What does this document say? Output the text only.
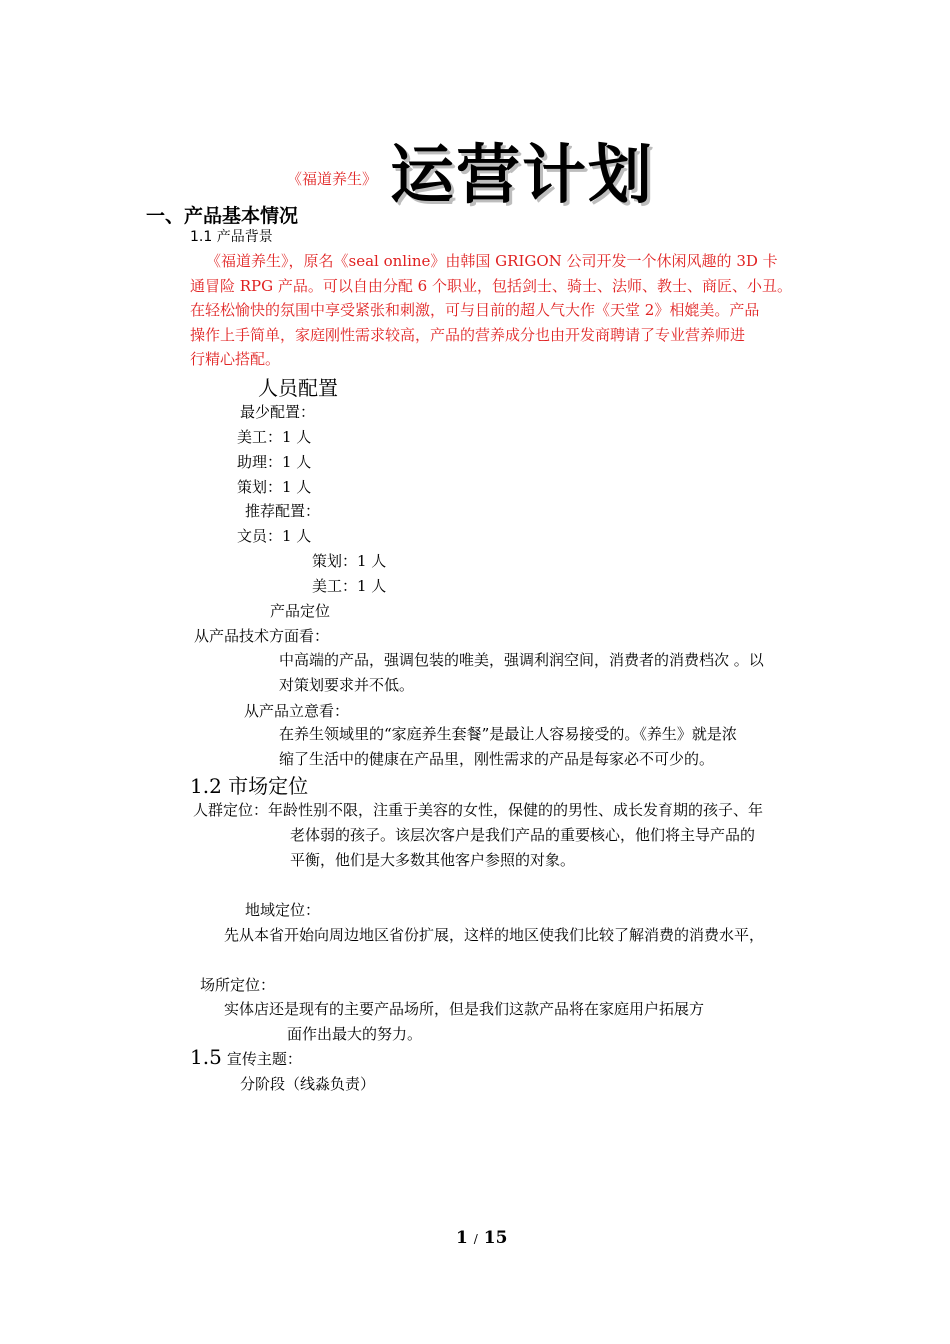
《福道养生》 运营计划
一、产品基本情况
1.1 产品背景
《福道养生》，原名《seal online》由韩国 GRIGON 公司开发一个休闲风趣的 3D 卡
通冒险 RPG 产品。可以自由分配 6 个职业，包括剑士、骑士、法师、教士、商匠、小丑。
在轻松愉快的氛围中享受紧张和刺激，可与目前的超人气大作《天堂 2》相媲美。产品
操作上手简单，家庭刚性需求较高，产品的营养成分也由开发商聘请了专业营养师进
行精心搭配。
人员配置
最少配置：
美工：1 人
助理：1 人
策划：1 人
推荐配置：
文员：1 人
策划：1 人
美工：1 人
产品定位
从产品技术方面看：
中高端的产品，强调包装的唯美，强调利润空间，消费者的消费档次 。以
对策划要求并不低。
从产品立意看：
在养生领域里的“家庭养生套餐”是最让人容易接受的。《养生》就是浓
缩了生活中的健康在产品里，刚性需求的产品是每家必不可少的。
1.2 市场定位
人群定位：年龄性别不限，注重于美容的女性，保健的的男性、成长发育期的孩子、年
老体弱的孩子。该层次客户是我们产品的重要核心，他们将主导产品的
平衡，他们是大多数其他客户参照的对象。
地域定位：
先从本省开始向周边地区省份扩展，这样的地区使我们比较了解消费的消费水平，
场所定位：
实体店还是现有的主要产品场所，但是我们这款产品将在家庭用户拓展方
面作出最大的努力。
1.5 宣传主题：
分阶段（线淼负责）
1 / 15
